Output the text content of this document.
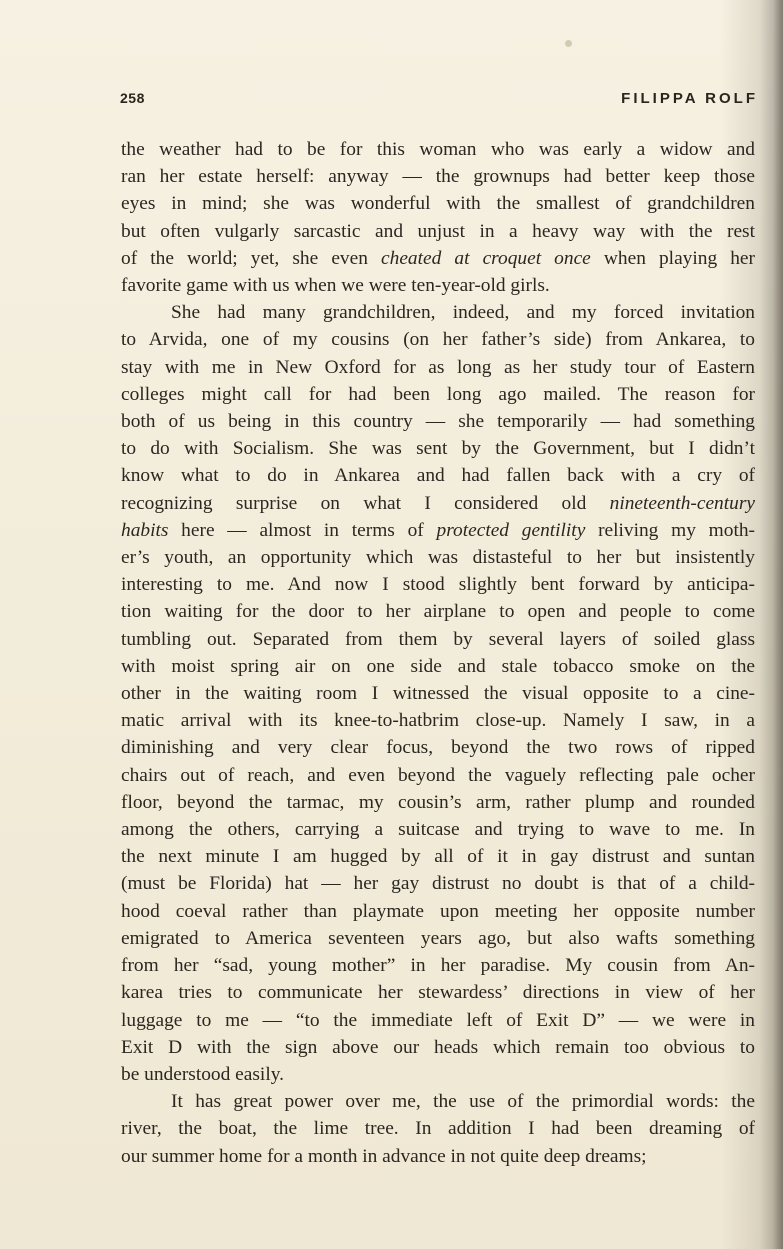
258	FILIPPA ROLF

the weather had to be for this woman who was early a widow and
ran her estate herself: anyway — the grownups had better keep those
eyes in mind; she was wonderful with the smallest of grandchildren
but often vulgarly sarcastic and unjust in a heavy way with the rest
of the world; yet, she even cheated at croquet once when playing her
favorite game with us when we were ten-year-old girls.

She had many grandchildren, indeed, and my forced invitation
to Arvida, one of my cousins (on her father’s side) from Ankarea, to
stay with me in New Oxford for as long as her study tour of Eastern
colleges might call for had been long ago mailed. The reason for
both of us being in this country — she temporarily — had something
to do with Socialism. She was sent by the Government, but I didn’t
know what to do in Ankarea and had fallen back with a cry of
recognizing surprise on what I considered old nineteenth-century
habits here — almost in terms of protected gentility reliving my moth-
er’s youth, an opportunity which was distasteful to her but insistently
interesting to me. And now I stood slightly bent forward by anticipa-
tion waiting for the door to her airplane to open and people to come
tumbling out. Separated from them by several layers of soiled glass
with moist spring air on one side and stale tobacco smoke on the
other in the waiting room I witnessed the visual opposite to a cine-
matic arrival with its knee-to-hatbrim close-up. Namely I saw, in a
diminishing and very clear focus, beyond the two rows of ripped
chairs out of reach, and even beyond the vaguely reflecting pale ocher
floor, beyond the tarmac, my cousin’s arm, rather plump and rounded
among the others, carrying a suitcase and trying to wave to me. In
the next minute I am hugged by all of it in gay distrust and suntan
(must be Florida) hat — her gay distrust no doubt is that of a child-
hood coeval rather than playmate upon meeting her opposite number
emigrated to America seventeen years ago, but also wafts something
from her “sad, young mother” in her paradise. My cousin from An-
karea tries to communicate her stewardess’ directions in view of her
luggage to me — “to the immediate left of Exit D” — we were in
Exit D with the sign above our heads which remain too obvious to
be understood easily.

It has great power over me, the use of the primordial words: the
river, the boat, the lime tree. In addition I had been dreaming of
our summer home for a month in advance in not quite deep dreams;
